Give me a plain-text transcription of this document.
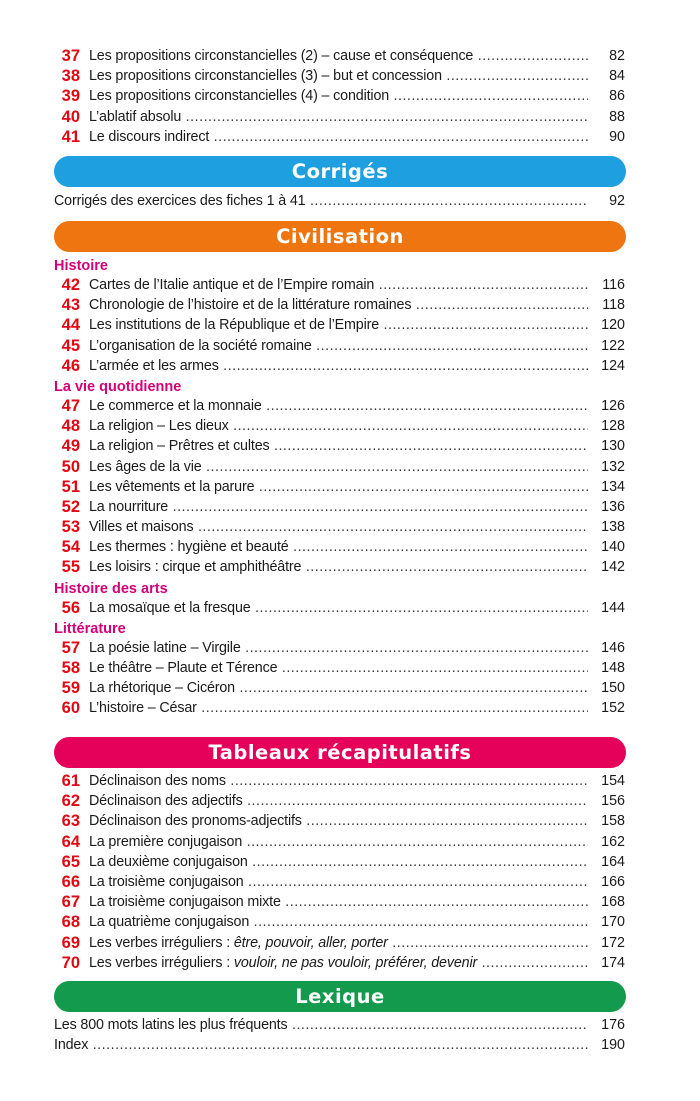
37 Les propositions circonstancielles (2) – cause et conséquence .....	82
38 Les propositions circonstancielles (3) – but et concession .....	84
39 Les propositions circonstancielles (4) – condition .....	86
40 L’ablatif absolu .....	88
41 Le discours indirect .....	90
Corrigés
Corrigés des exercices des fiches 1 à 41 .....	92
Civilisation
Histoire
42 Cartes de l’Italie antique et de l’Empire romain .....	116
43 Chronologie de l’histoire et de la littérature romaines .....	118
44 Les institutions de la République et de l’Empire .....	120
45 L’organisation de la société romaine .....	122
46 L’armée et les armes .....	124
La vie quotidienne
47 Le commerce et la monnaie .....	126
48 La religion – Les dieux .....	128
49 La religion – Prêtres et cultes .....	130
50 Les âges de la vie .....	132
51 Les vêtements et la parure .....	134
52 La nourriture .....	136
53 Villes et maisons .....	138
54 Les thermes : hygiène et beauté .....	140
55 Les loisirs : cirque et amphithéâtre .....	142
Histoire des arts
56 La mosaïque et la fresque .....	144
Littérature
57 La poésie latine – Virgile .....	146
58 Le théâtre – Plaute et Térence .....	148
59 La rhétorique – Cicéron .....	150
60 L’histoire – César .....	152
Tableaux récapitulatifs
61 Déclinaison des noms .....	154
62 Déclinaison des adjectifs .....	156
63 Déclinaison des pronoms-adjectifs .....	158
64 La première conjugaison .....	162
65 La deuxième conjugaison .....	164
66 La troisième conjugaison .....	166
67 La troisième conjugaison mixte .....	168
68 La quatrième conjugaison .....	170
69 Les verbes irréguliers : être, pouvoir, aller, porter .....	172
70 Les verbes irréguliers : vouloir, ne pas vouloir, préférer, devenir .....	174
Lexique
Les 800 mots latins les plus fréquents .....	176
Index .....	190
